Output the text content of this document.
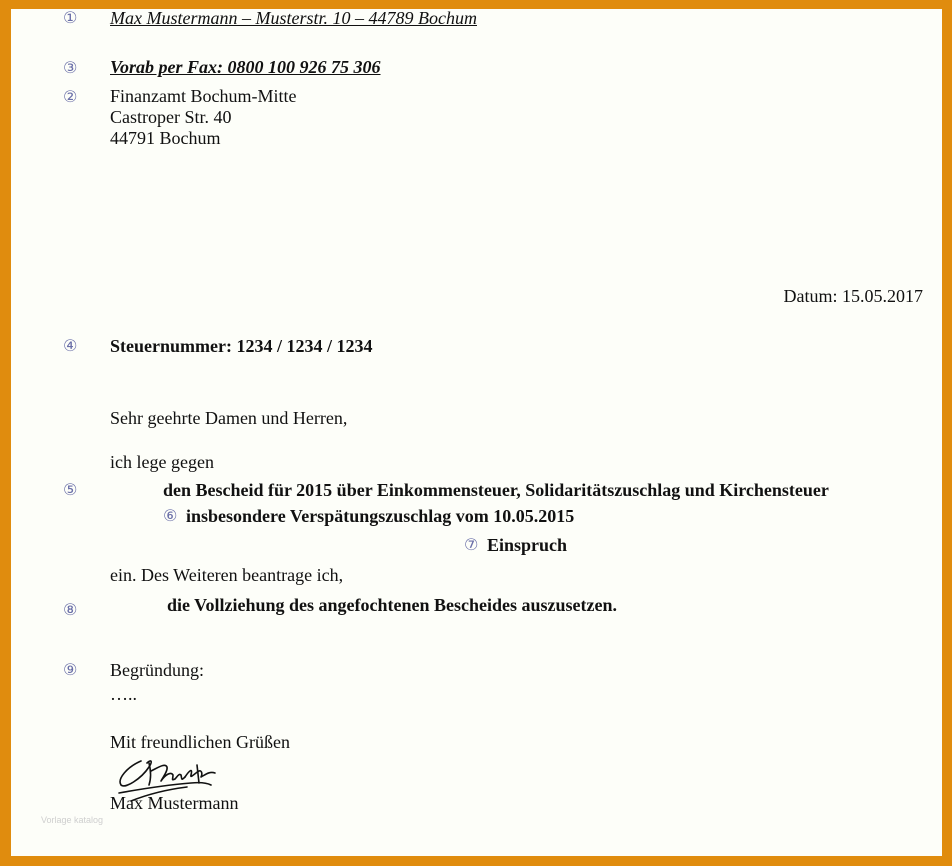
① Max Mustermann – Musterstr. 10 – 44789 Bochum
③ Vorab per Fax: 0800 100 926 75 306
② Finanzamt Bochum-Mitte
Castroper Str. 40
44791 Bochum
Datum: 15.05.2017
④ Steuernummer: 1234 / 1234 / 1234
Sehr geehrte Damen und Herren,
ich lege gegen
⑤	den Bescheid für 2015 über Einkommensteuer, Solidaritätszuschlag und Kirchensteuer
⑥ insbesondere Verspätungszuschlag vom 10.05.2015
⑦ Einspruch
ein. Des Weiteren beantrage ich,
⑧	die Vollziehung des angefochtenen Bescheides auszusetzen.
⑨ Begründung:
…..
Mit freundlichen Grüßen
Max Mustermann
Vorlage katalog
